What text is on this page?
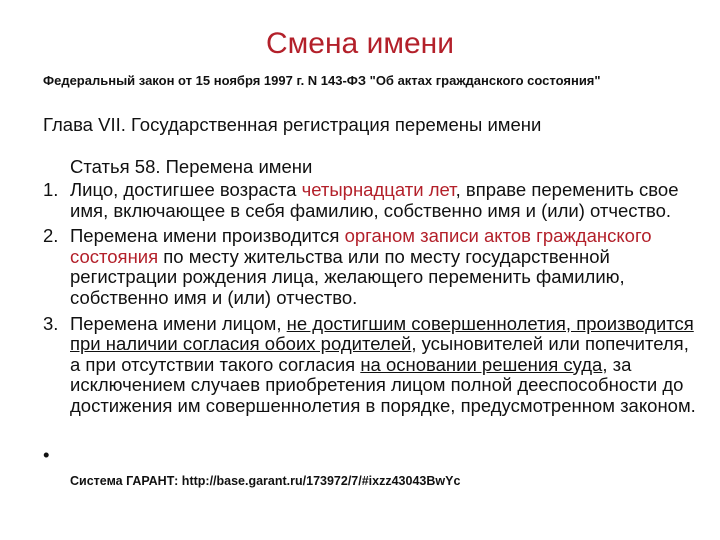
Смена имени
Федеральный закон от 15 ноября 1997 г. N 143-ФЗ "Об актах гражданского состояния"
Глава VII. Государственная регистрация перемены имени
Статья 58. Перемена имени
1. Лицо, достигшее возраста четырнадцати лет, вправе переменить свое имя, включающее в себя фамилию, собственно имя и (или) отчество.
2. Перемена имени производится органом записи актов гражданского состояния по месту жительства или по месту государственной регистрации рождения лица, желающего переменить фамилию, собственно имя и (или) отчество.
3. Перемена имени лицом, не достигшим совершеннолетия, производится при наличии согласия обоих родителей, усыновителей или попечителя, а при отсутствии такого согласия на основании решения суда, за исключением случаев приобретения лицом полной дееспособности до достижения им совершеннолетия в порядке, предусмотренном законом.
•
Система ГАРАНТ: http://base.garant.ru/173972/7/#ixzz43043BwYc
